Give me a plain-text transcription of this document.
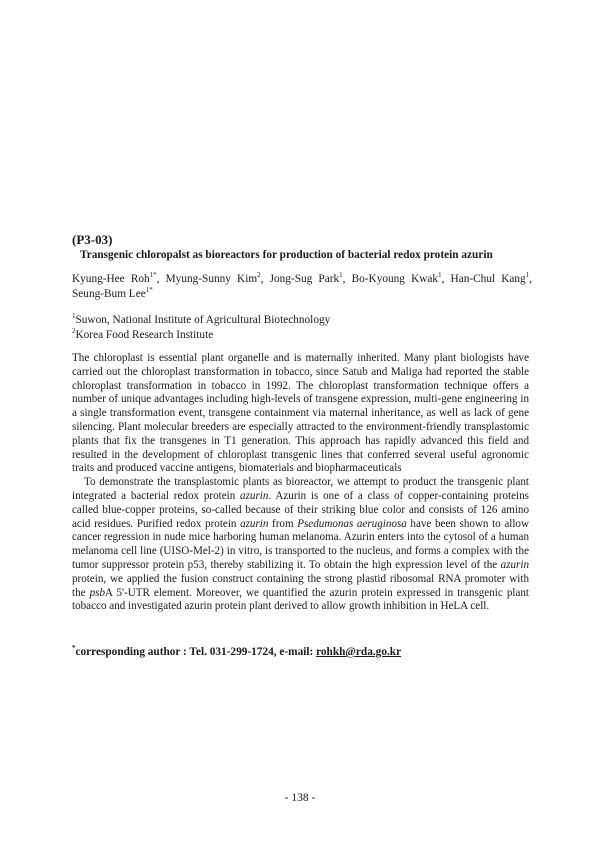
(P3-03)
Transgenic chloropalst as bioreactors for production of bacterial redox protein azurin
Kyung-Hee Roh$^{1*}$, Myung-Sunny Kim$^2$, Jong-Sug Park$^1$, Bo-Kyoung Kwak$^1$, Han-Chul Kang$^1$, Seung-Bum Lee$^{1*}$
$^1$Suwon, National Institute of Agricultural Biotechnology
$^2$Korea Food Research Institute

The chloroplast is essential plant organelle and is maternally inherited. Many plant biologists have carried out the chloroplast transformation in tobacco, since Satub and Maliga had reported the stable chloroplast transformation in tobacco in 1992. The chloroplast transformation technique offers a number of unique advantages including high-levels of transgene expression, multi-gene engineering in a single transformation event, transgene containment via maternal inheritance, as well as lack of gene silencing. Plant molecular breeders are especially attracted to the environment-friendly transplastomic plants that fix the transgenes in T1 generation. This approach has rapidly advanced this field and resulted in the development of chloroplast transgenic lines that conferred several useful agronomic traits and produced vaccine antigens, biomaterials and biopharmaceuticals

To demonstrate the transplastomic plants as bioreactor, we attempt to product the transgenic plant integrated a bacterial redox protein azurin. Azurin is one of a class of copper-containing proteins called blue-copper proteins, so-called because of their striking blue color and consists of 126 amino acid residues. Purified redox protein azurin from Psedumonas aeruginosa have been shown to allow cancer regression in nude mice harboring human melanoma. Azurin enters into the cytosol of a human melanoma cell line (UISO-Mel-2) in vitro, is transported to the nucleus, and forms a complex with the tumor suppressor protein p53, thereby stabilizing it. To obtain the high expression level of the azurin protein, we applied the fusion construct containing the strong plastid ribosomal RNA promoter with the psbA 5'-UTR element. Moreover, we quantified the azurin protein expressed in transgenic plant tobacco and investigated azurin protein plant derived to allow growth inhibition in HeLA cell.

*corresponding author : Tel. 031-299-1724, e-mail: rohkh@rda.go.kr
- 138 -
